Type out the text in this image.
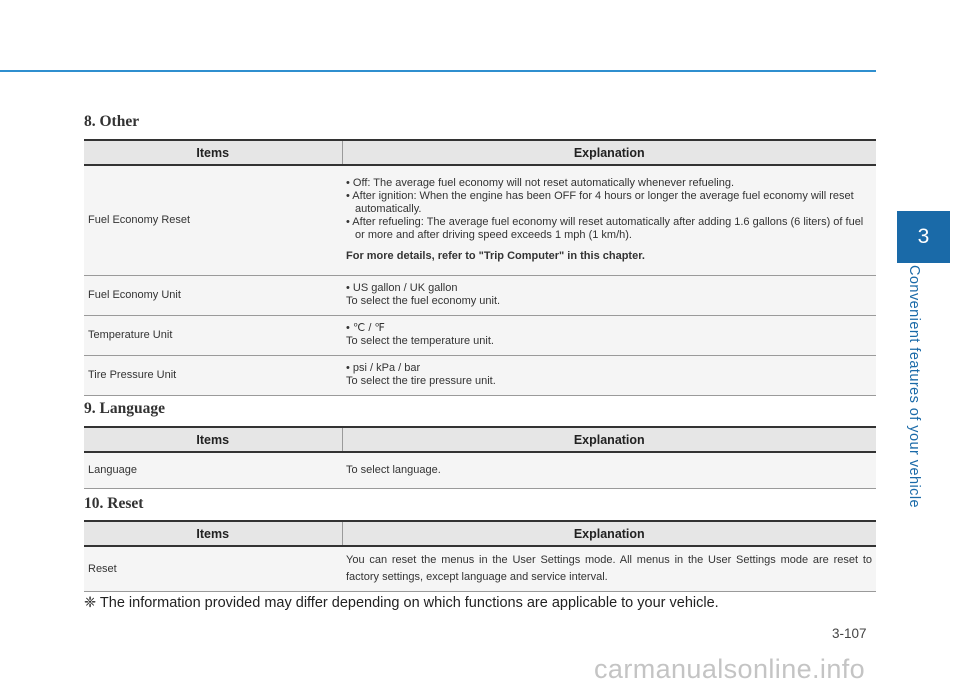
3
Convenient features of your vehicle
8. Other
Items	Explanation
Fuel Economy Reset	• Off: The average fuel economy will not reset automatically whenever refueling.
• After ignition: When the engine has been OFF for 4 hours or longer the average fuel economy will reset automatically.
• After refueling: The average fuel economy will reset automatically after adding 1.6 gallons (6 liters) of fuel or more and after driving speed exceeds 1 mph (1 km/h).
For more details, refer to "Trip Computer" in this chapter.

Fuel Economy Unit	• US gallon / UK gallon
To select the fuel economy unit.

Temperature Unit	• ℃ / ℉
To select the temperature unit.

Tire Pressure Unit	• psi / kPa / bar
To select the tire pressure unit.
9. Language
Items	Explanation
Language	To select language.
10. Reset
Items	Explanation
Reset	You can reset the menus in the User Settings mode. All menus in the User Settings mode are reset to factory settings, except language and service interval.
❈ The information provided may differ depending on which functions are applicable to your vehicle.
3-107
carmanualsonline.info
